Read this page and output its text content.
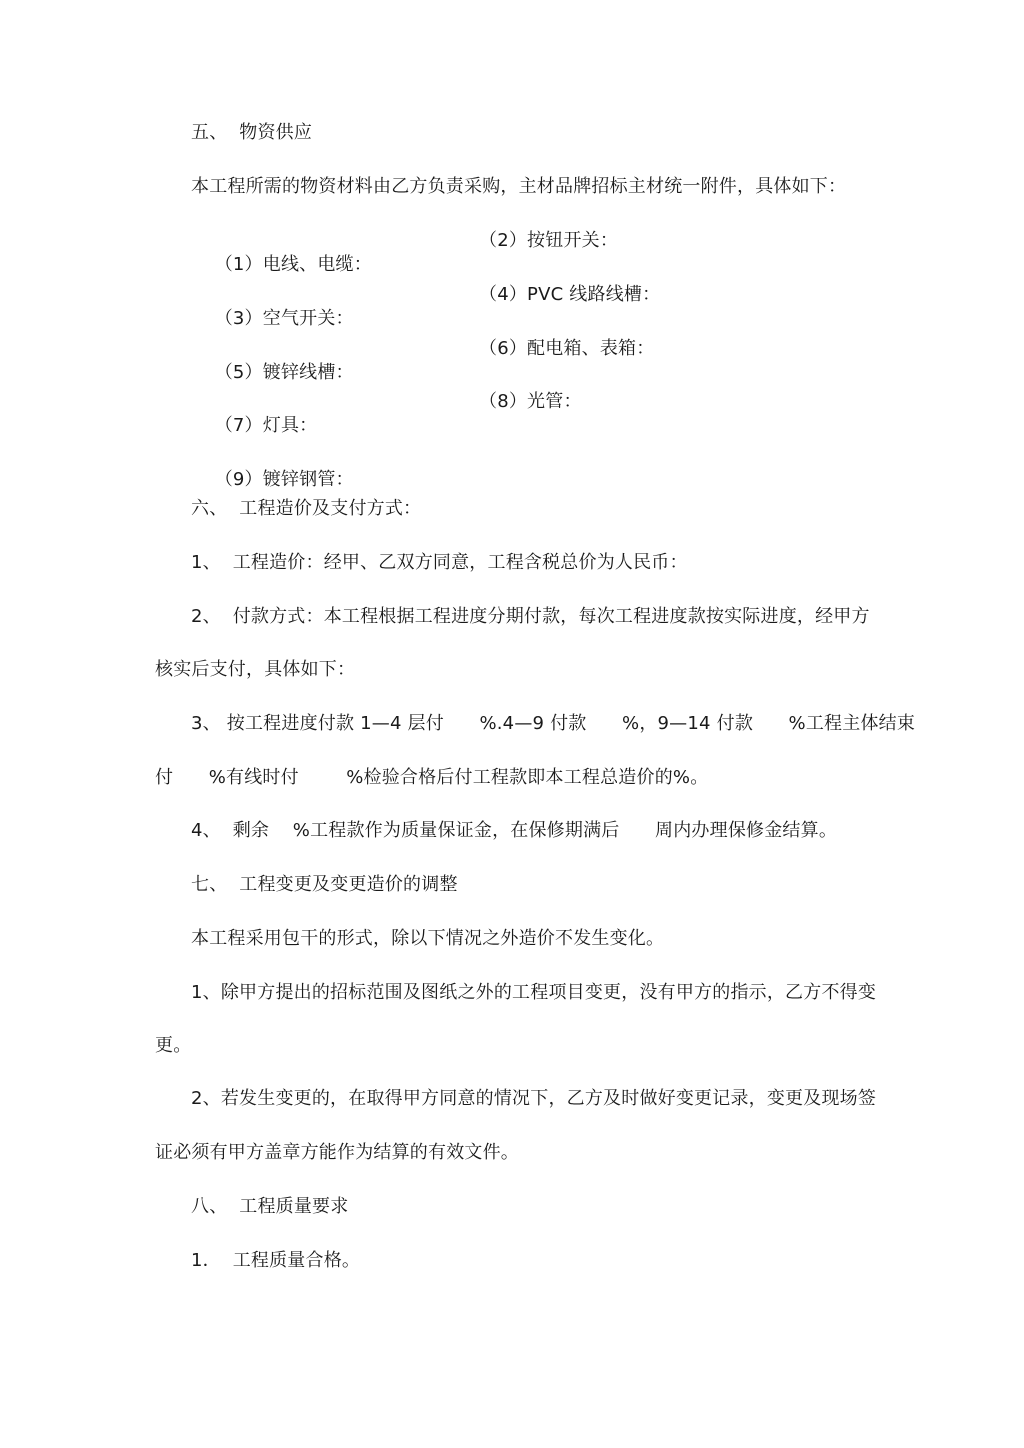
五、  物资供应
本工程所需的物资材料由乙方负责采购，主材品牌招标主材统一附件，具体如下：

（1）电线、电缆：

（2）按钮开关：

（3）空气开关：

（4）PVC 线路线槽：

（5）镀锌线槽：

（6）配电箱、表箱：

（7）灯具：

（8）光管：

（9）镀锌钢管：

六、  工程造价及支付方式：
1、  工程造价：经甲、乙双方同意，工程含税总价为人民币：
2、  付款方式：本工程根据工程进度分期付款，每次工程进度款按实际进度，经甲方
核实后支付，具体如下：
3、 按工程进度付款 1—4 层付      %.4—9 付款      %，9—14 付款      %工程主体结束
付      %有线时付        %检验合格后付工程款即本工程总造价的%。
4、  剩余    %工程款作为质量保证金，在保修期满后      周内办理保修金结算。
七、  工程变更及变更造价的调整
本工程采用包干的形式，除以下情况之外造价不发生变化。
1、除甲方提出的招标范围及图纸之外的工程项目变更，没有甲方的指示，乙方不得变
更。
2、若发生变更的，在取得甲方同意的情况下，乙方及时做好变更记录，变更及现场签
证必须有甲方盖章方能作为结算的有效文件。
八、  工程质量要求
1．  工程质量合格。
